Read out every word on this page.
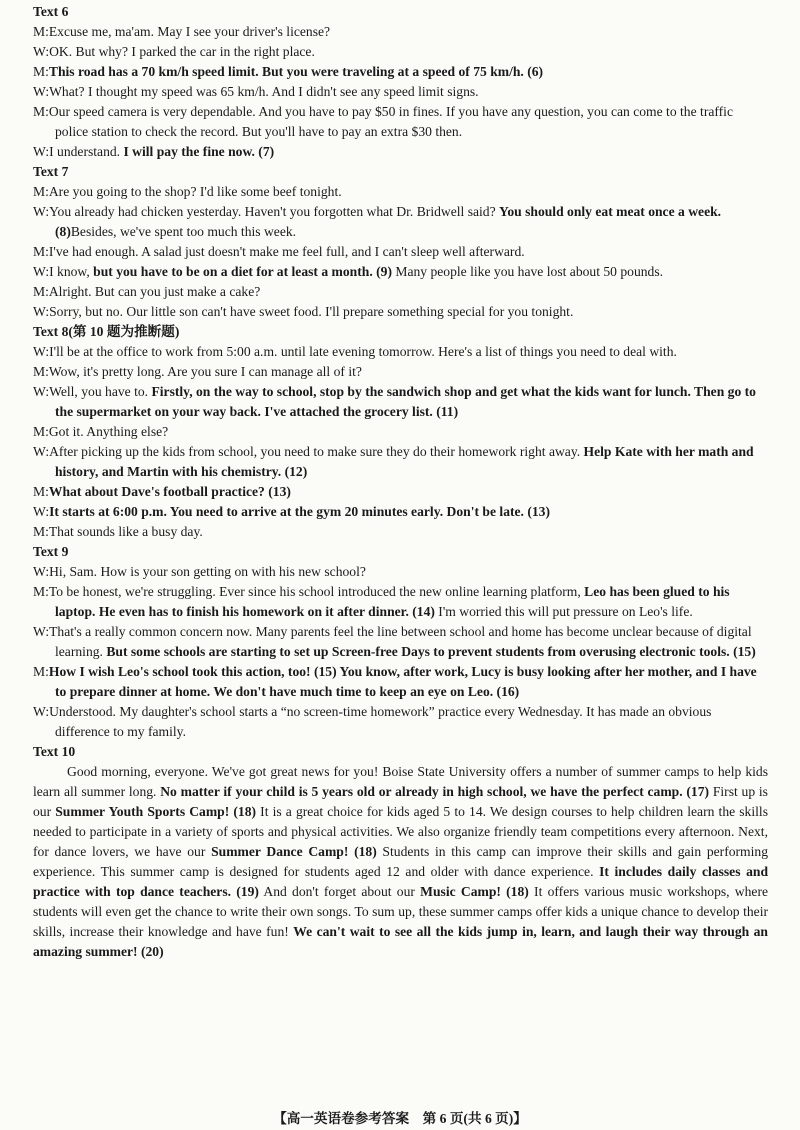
Text 6
M:Excuse me, ma'am. May I see your driver's license?
W:OK. But why? I parked the car in the right place.
M:This road has a 70 km/h speed limit. But you were traveling at a speed of 75 km/h. (6)
W:What? I thought my speed was 65 km/h. And I didn't see any speed limit signs.
M:Our speed camera is very dependable. And you have to pay $50 in fines. If you have any question, you can come to the traffic police station to check the record. But you'll have to pay an extra $30 then.
W:I understand. I will pay the fine now. (7)
Text 7
M:Are you going to the shop? I'd like some beef tonight.
W:You already had chicken yesterday. Haven't you forgotten what Dr. Bridwell said? You should only eat meat once a week. (8)Besides, we've spent too much this week.
M:I've had enough. A salad just doesn't make me feel full, and I can't sleep well afterward.
W:I know, but you have to be on a diet for at least a month. (9) Many people like you have lost about 50 pounds.
M:Alright. But can you just make a cake?
W:Sorry, but no. Our little son can't have sweet food. I'll prepare something special for you tonight.
Text 8(第 10 题为推断题)
W:I'll be at the office to work from 5:00 a.m. until late evening tomorrow. Here's a list of things you need to deal with.
M:Wow, it's pretty long. Are you sure I can manage all of it?
W:Well, you have to. Firstly, on the way to school, stop by the sandwich shop and get what the kids want for lunch. Then go to the supermarket on your way back. I've attached the grocery list. (11)
M:Got it. Anything else?
W:After picking up the kids from school, you need to make sure they do their homework right away. Help Kate with her math and history, and Martin with his chemistry. (12)
M:What about Dave's football practice? (13)
W:It starts at 6:00 p.m. You need to arrive at the gym 20 minutes early. Don't be late. (13)
M:That sounds like a busy day.
Text 9
W:Hi, Sam. How is your son getting on with his new school?
M:To be honest, we're struggling. Ever since his school introduced the new online learning platform, Leo has been glued to his laptop. He even has to finish his homework on it after dinner. (14) I'm worried this will put pressure on Leo's life.
W:That's a really common concern now. Many parents feel the line between school and home has become unclear because of digital learning. But some schools are starting to set up Screen-free Days to prevent students from overusing electronic tools. (15)
M:How I wish Leo's school took this action, too! (15) You know, after work, Lucy is busy looking after her mother, and I have to prepare dinner at home. We don't have much time to keep an eye on Leo. (16)
W:Understood. My daughter's school starts a “no screen-time homework” practice every Wednesday. It has made an obvious difference to my family.
Text 10
Good morning, everyone. We've got great news for you! Boise State University offers a number of summer camps to help kids learn all summer long. No matter if your child is 5 years old or already in high school, we have the perfect camp. (17) First up is our Summer Youth Sports Camp! (18) It is a great choice for kids aged 5 to 14. We design courses to help children learn the skills needed to participate in a variety of sports and physical activities. We also organize friendly team competitions every afternoon. Next, for dance lovers, we have our Summer Dance Camp! (18) Students in this camp can improve their skills and gain performing experience. This summer camp is designed for students aged 12 and older with dance experience. It includes daily classes and practice with top dance teachers. (19) And don't forget about our Music Camp! (18) It offers various music workshops, where students will even get the chance to write their own songs. To sum up, these summer camps offer kids a unique chance to develop their skills, increase their knowledge and have fun! We can't wait to see all the kids jump in, learn, and laugh their way through an amazing summer! (20)
【高一英语卷参考答案　第 6 页(共 6 页)】
